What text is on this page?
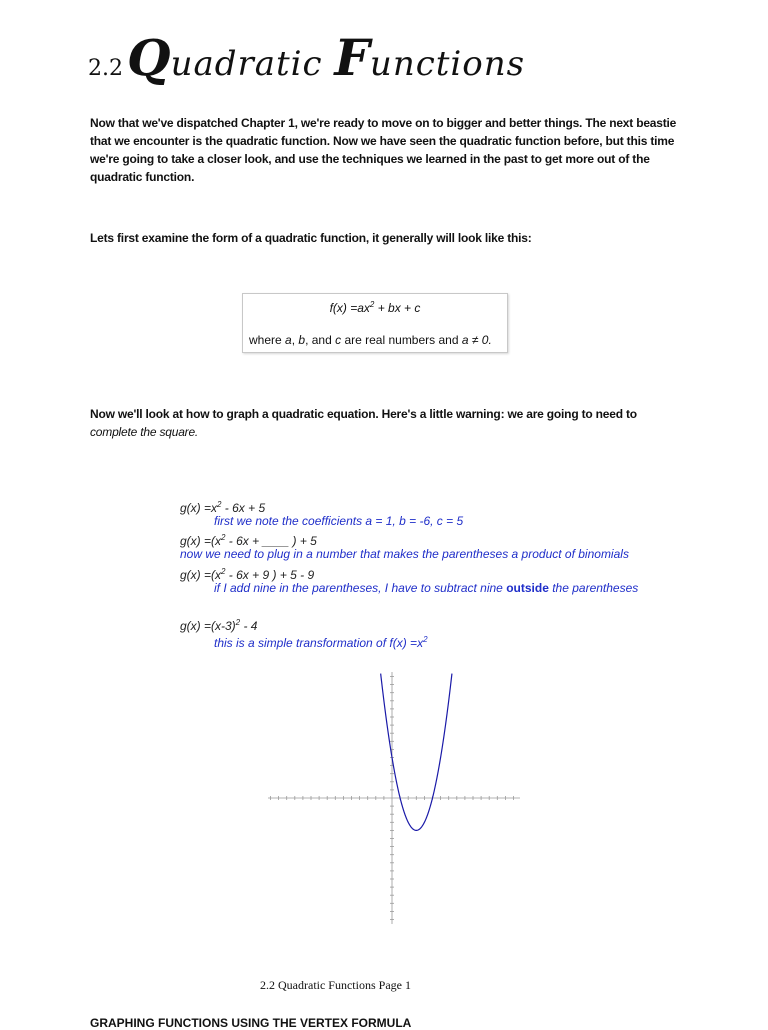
2.2 Q uadratic
F unctions
Now that we've dispatched Chapter 1, we're ready to move on to bigger and better things. The next beastie that we encounter is the quadratic function. Now we have seen the quadratic function before, but this time we're going to take a closer look, and use the techniques we learned in the past to get more out of the quadratic function.
Lets first examine the form of a quadratic function, it generally will look like this:
$f(x) =ax^2$ + bx + c
where a, b, and c are real numbers and a ≠ 0.
Now we'll look at how to graph a quadratic equation. Here's a little warning: we are going to need to
complete the square.
$g(x) =x^2 - 6x + 5$
first we note the coefficients a = 1, b = -6, c = 5
$g(x) =(x^2 - 6x$ + ____ ) + 5
now we need to plug in a number that makes the parentheses a product of binomials
$g(x) =(x^2 - 6x + 9$ ) + 5 - 9
if I add nine in the parentheses, I have to subtract nine outside the parentheses
$g(x) =(x-3)^2 - 4$
this is a simple transformation of $f(x) =x^2$
2.2 Quadratic Functions Page 1
GRAPHING FUNCTIONS USING THE VERTEX FORMULA
